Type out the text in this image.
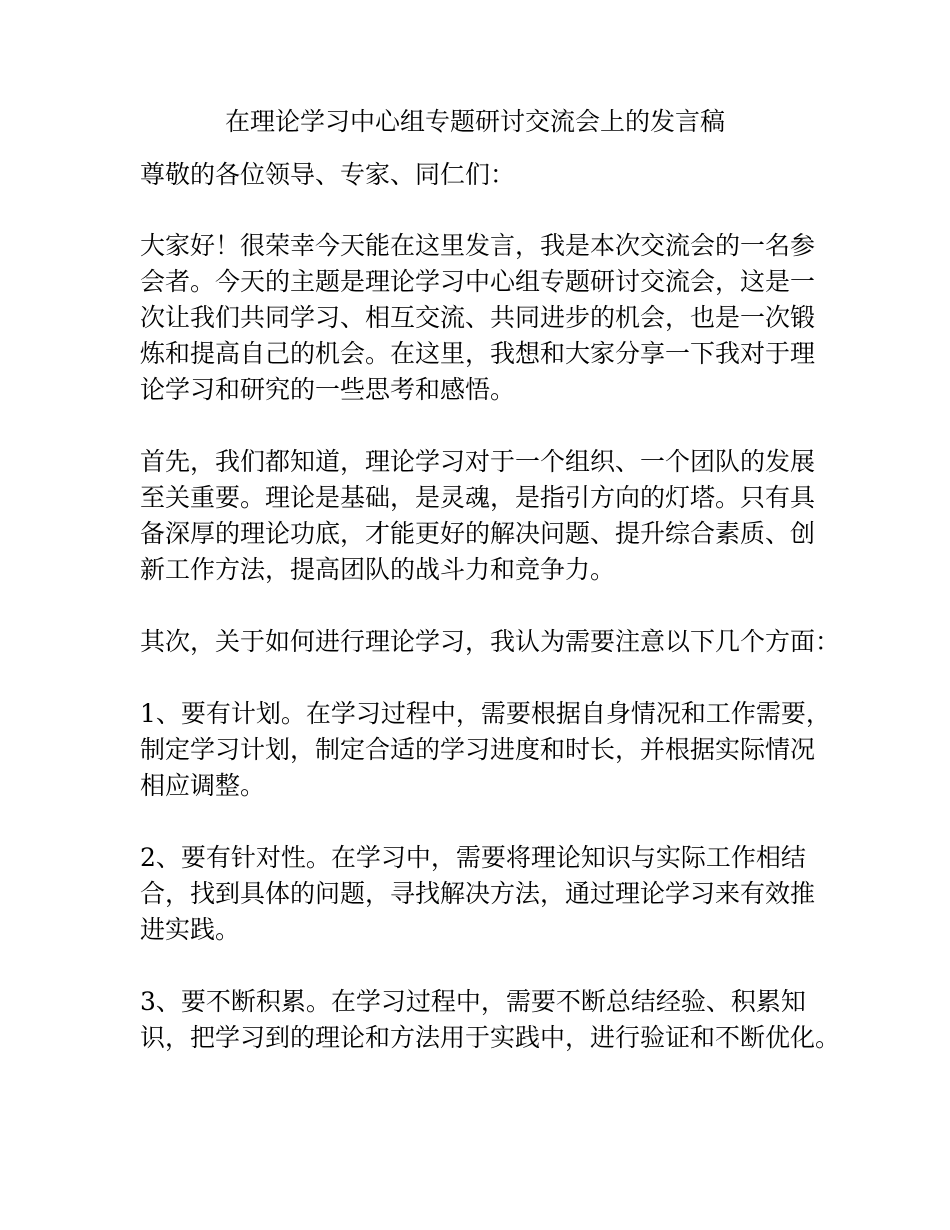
在理论学习中心组专题研讨交流会上的发言稿
尊敬的各位领导、专家、同仁们：
大家好！很荣幸今天能在这里发言，我是本次交流会的一名参
会者。今天的主题是理论学习中心组专题研讨交流会，这是一
次让我们共同学习、相互交流、共同进步的机会，也是一次锻
炼和提高自己的机会。在这里，我想和大家分享一下我对于理
论学习和研究的一些思考和感悟。
首先，我们都知道，理论学习对于一个组织、一个团队的发展
至关重要。理论是基础，是灵魂，是指引方向的灯塔。只有具
备深厚的理论功底，才能更好的解决问题、提升综合素质、创
新工作方法，提高团队的战斗力和竞争力。
其次，关于如何进行理论学习，我认为需要注意以下几个方面：
1、要有计划。在学习过程中，需要根据自身情况和工作需要，
制定学习计划，制定合适的学习进度和时长，并根据实际情况
相应调整。
2、要有针对性。在学习中，需要将理论知识与实际工作相结
合，找到具体的问题，寻找解决方法，通过理论学习来有效推
进实践。
3、要不断积累。在学习过程中，需要不断总结经验、积累知
识，把学习到的理论和方法用于实践中，进行验证和不断优化。
